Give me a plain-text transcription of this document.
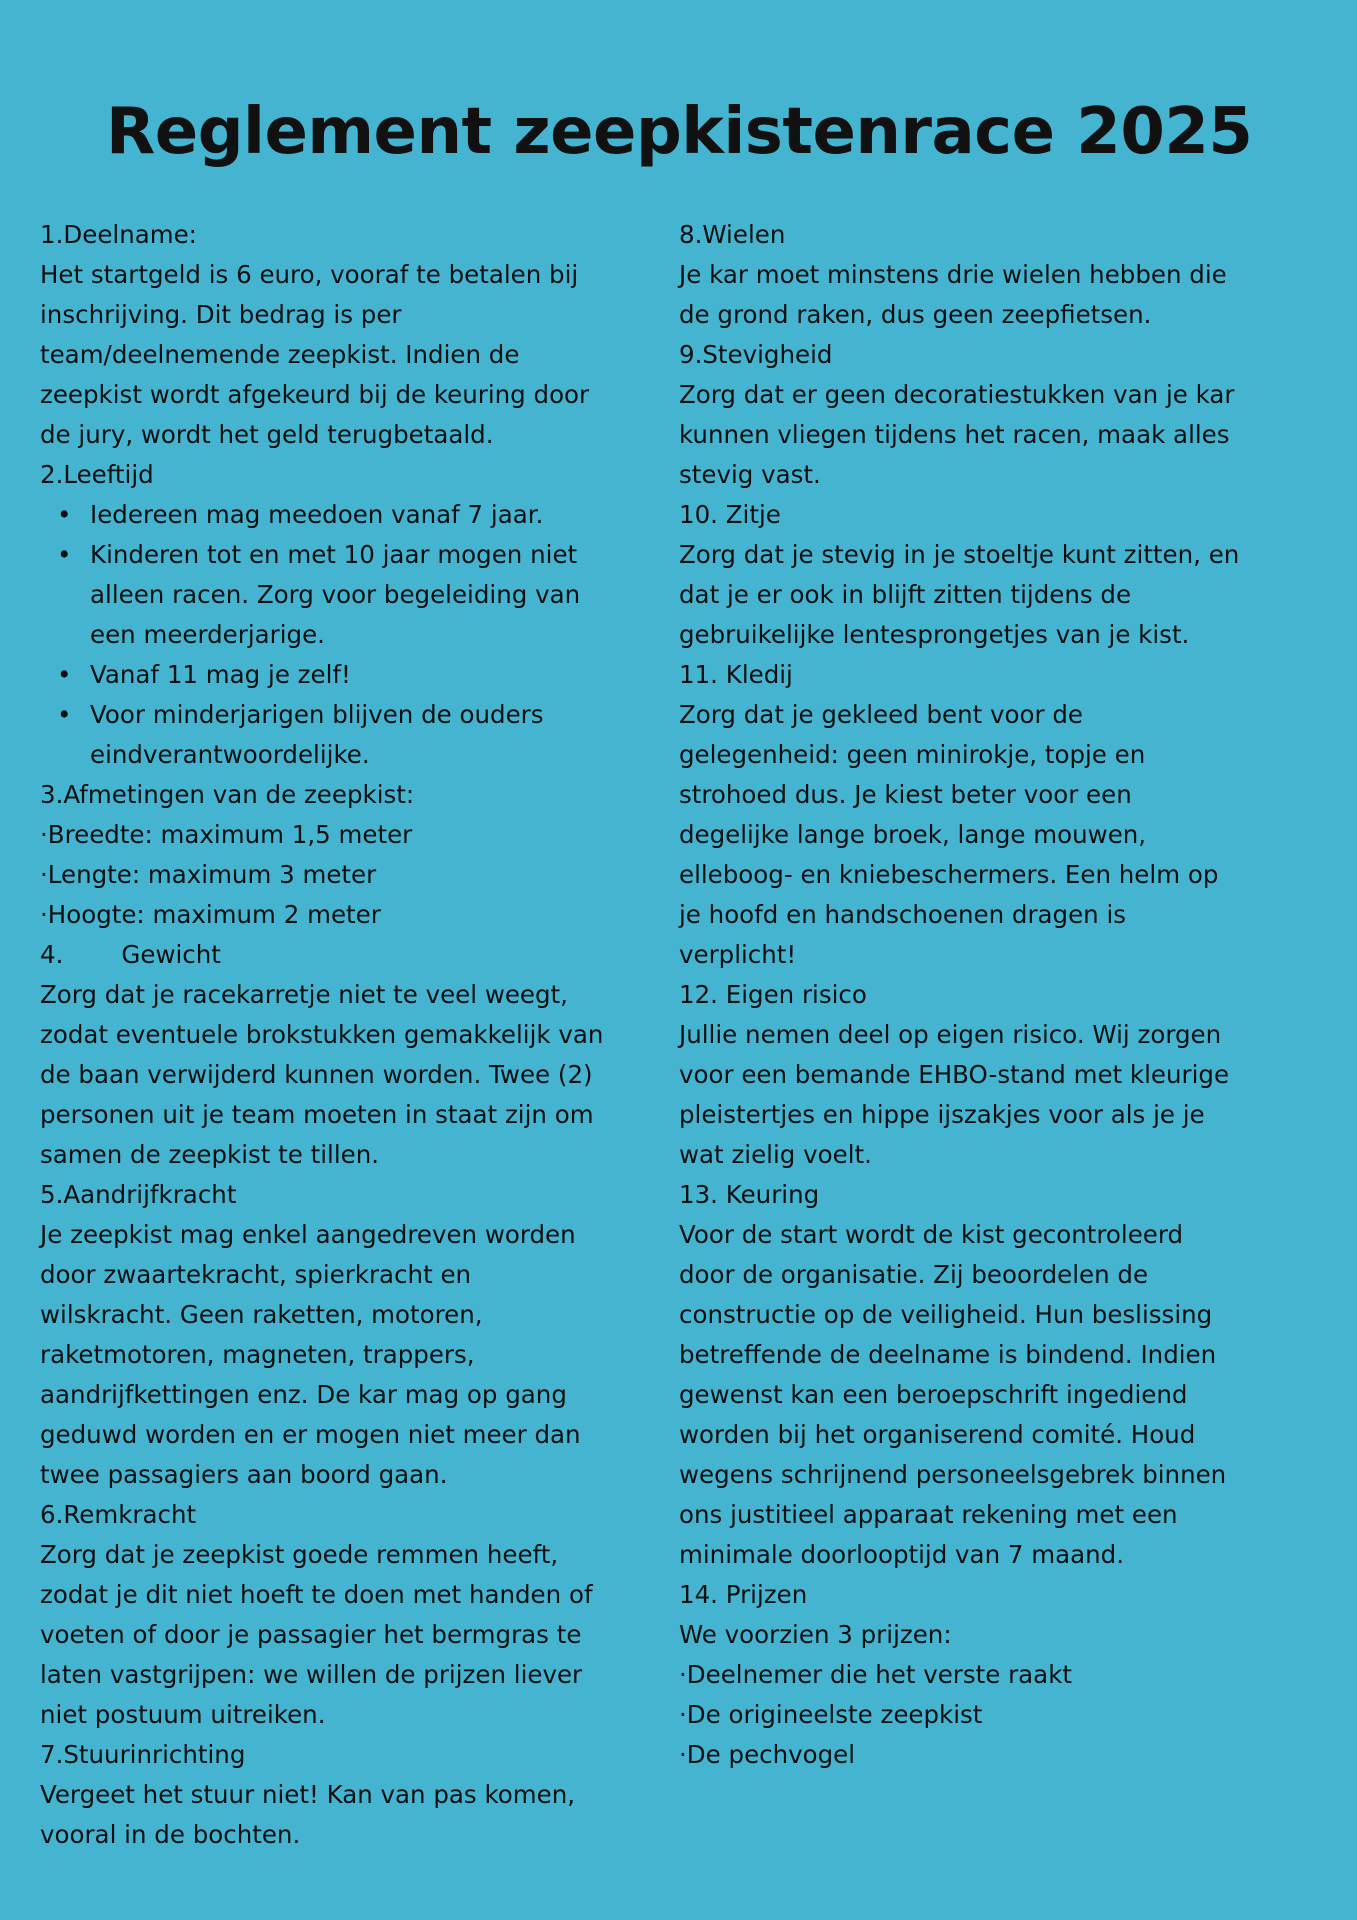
Reglement zeepkistenrace 2025
1.Deelname:
Het startgeld is 6 euro, vooraf te betalen bij
inschrijving. Dit bedrag is per
team/deelnemende zeepkist. Indien de
zeepkist wordt afgekeurd bij de keuring door
de jury, wordt het geld terugbetaald.
2.Leeftijd
• Iedereen mag meedoen vanaf 7 jaar.
• Kinderen tot en met 10 jaar mogen niet
alleen racen. Zorg voor begeleiding van
een meerderjarige.
• Vanaf 11 mag je zelf!
• Voor minderjarigen blijven de ouders
eindverantwoordelijke.
3.Afmetingen van de zeepkist:
·Breedte: maximum 1,5 meter
·Lengte: maximum 3 meter
·Hoogte: maximum 2 meter
4. Gewicht
Zorg dat je racekarretje niet te veel weegt,
zodat eventuele brokstukken gemakkelijk van
de baan verwijderd kunnen worden. Twee (2)
personen uit je team moeten in staat zijn om
samen de zeepkist te tillen.
5.Aandrijfkracht
Je zeepkist mag enkel aangedreven worden
door zwaartekracht, spierkracht en
wilskracht. Geen raketten, motoren,
raketmotoren, magneten, trappers,
aandrijfkettingen enz. De kar mag op gang
geduwd worden en er mogen niet meer dan
twee passagiers aan boord gaan.
6.Remkracht
Zorg dat je zeepkist goede remmen heeft,
zodat je dit niet hoeft te doen met handen of
voeten of door je passagier het bermgras te
laten vastgrijpen: we willen de prijzen liever
niet postuum uitreiken.
7.Stuurinrichting
Vergeet het stuur niet! Kan van pas komen,
vooral in de bochten.
8.Wielen
Je kar moet minstens drie wielen hebben die
de grond raken, dus geen zeepfietsen.
9.Stevigheid
Zorg dat er geen decoratiestukken van je kar
kunnen vliegen tijdens het racen, maak alles
stevig vast.
10. Zitje
Zorg dat je stevig in je stoeltje kunt zitten, en
dat je er ook in blijft zitten tijdens de
gebruikelijke lentesprongetjes van je kist.
11. Kledij
Zorg dat je gekleed bent voor de
gelegenheid: geen minirokje, topje en
strohoed dus. Je kiest beter voor een
degelijke lange broek, lange mouwen,
elleboog- en kniebeschermers. Een helm op
je hoofd en handschoenen dragen is
verplicht!
12. Eigen risico
Jullie nemen deel op eigen risico. Wij zorgen
voor een bemande EHBO-stand met kleurige
pleistertjes en hippe ijszakjes voor als je je
wat zielig voelt.
13. Keuring
Voor de start wordt de kist gecontroleerd
door de organisatie. Zij beoordelen de
constructie op de veiligheid. Hun beslissing
betreffende de deelname is bindend. Indien
gewenst kan een beroepschrift ingediend
worden bij het organiserend comité. Houd
wegens schrijnend personeelsgebrek binnen
ons justitieel apparaat rekening met een
minimale doorlooptijd van 7 maand.
14. Prijzen
We voorzien 3 prijzen:
·Deelnemer die het verste raakt
·De origineelste zeepkist
·De pechvogel
